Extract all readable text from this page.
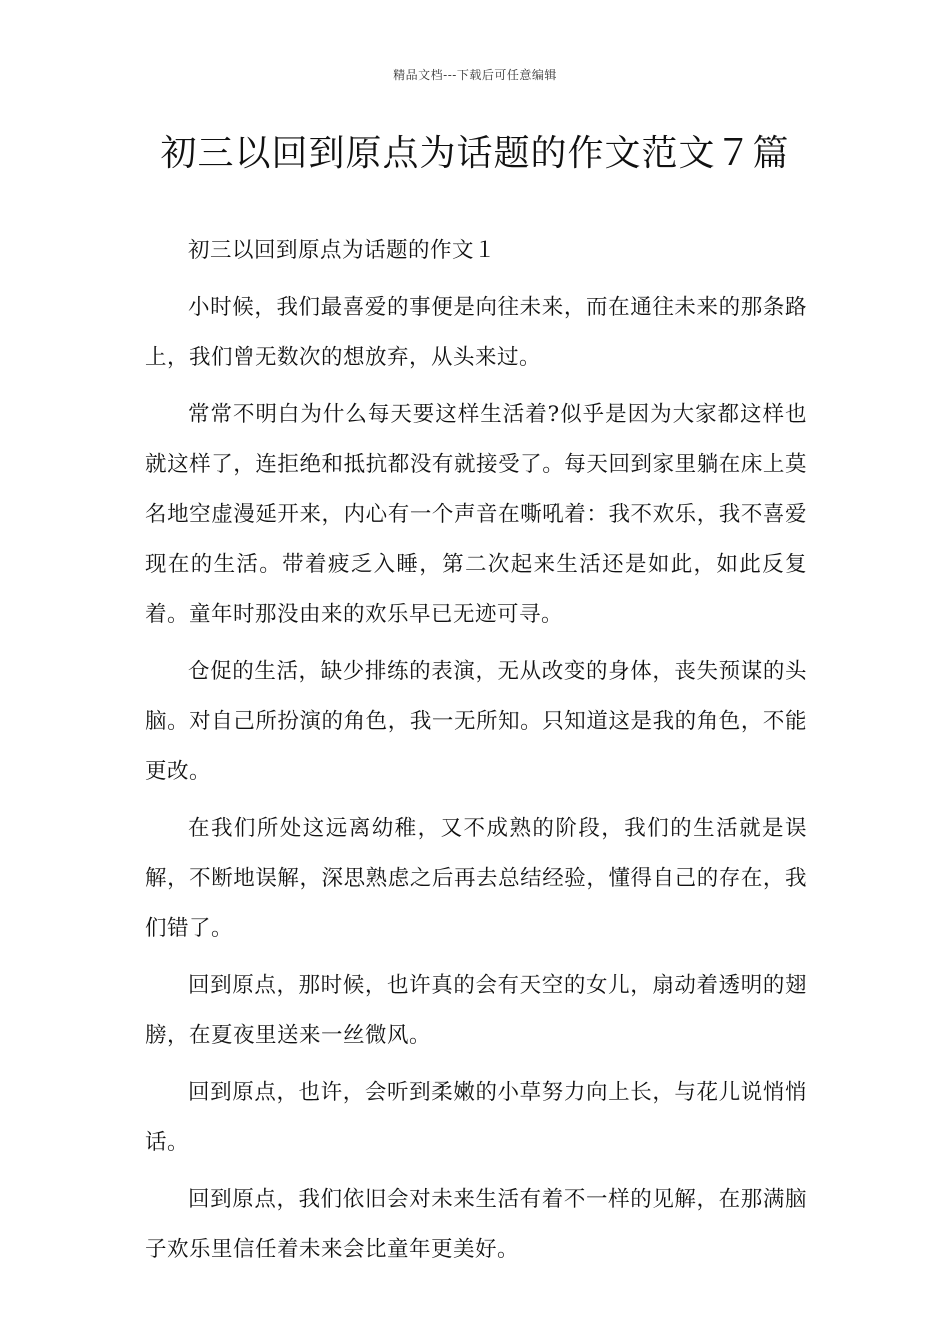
精品文档---下载后可任意编辑
初三以回到原点为话题的作文范文７篇

初三以回到原点为话题的作文１

小时候，我们最喜爱的事便是向往未来，而在通往未来的那条路上，我们曾无数次的想放弃，从头来过。

常常不明白为什么每天要这样生活着?似乎是因为大家都这样也就这样了，连拒绝和抵抗都没有就接受了。每天回到家里躺在床上莫名地空虚漫延开来，内心有一个声音在嘶吼着：我不欢乐，我不喜爱现在的生活。带着疲乏入睡，第二次起来生活还是如此，如此反复着。童年时那没由来的欢乐早已无迹可寻。

仓促的生活，缺少排练的表演，无从改变的身体，丧失预谋的头脑。对自己所扮演的角色，我一无所知。只知道这是我的角色，不能更改。

在我们所处这远离幼稚，又不成熟的阶段，我们的生活就是误解，不断地误解，深思熟虑之后再去总结经验，懂得自己的存在，我们错了。

回到原点，那时候，也许真的会有天空的女儿，扇动着透明的翅膀，在夏夜里送来一丝微风。

回到原点，也许，会听到柔嫩的小草努力向上长，与花儿说悄悄话。

回到原点，我们依旧会对未来生活有着不一样的见解，在那满脑子欢乐里信任着未来会比童年更美好。
